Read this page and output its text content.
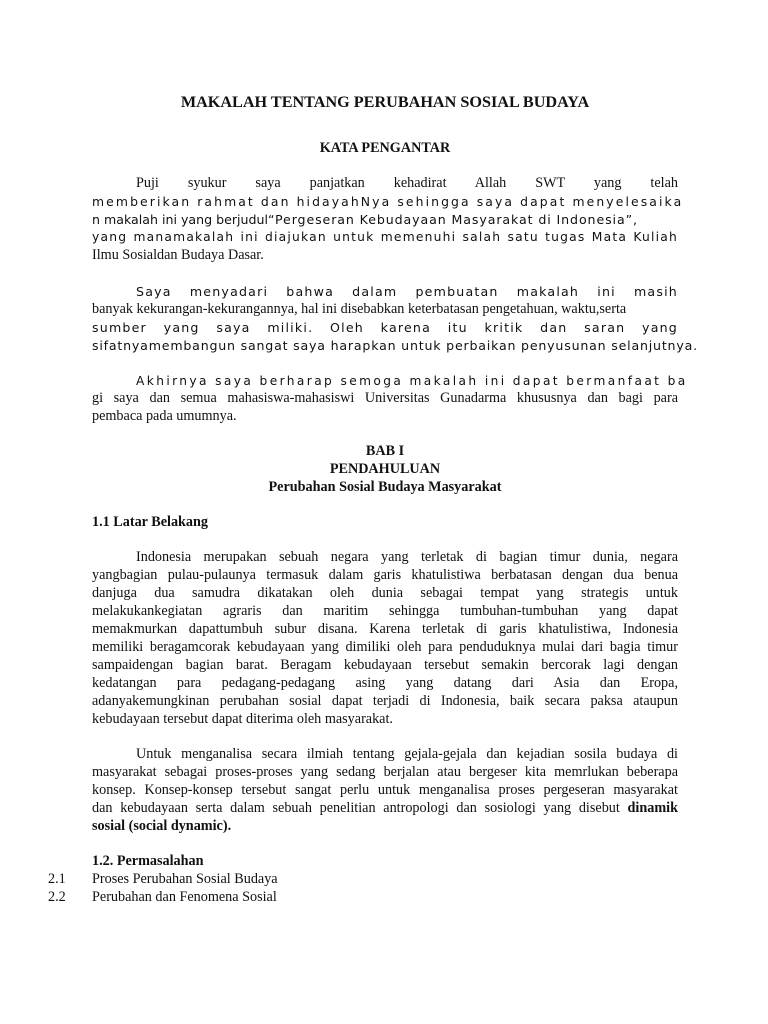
MAKALAH TENTANG PERUBAHAN SOSIAL BUDAYA
KATA PENGANTAR
Puji syukur saya panjatkan kehadirat Allah SWT yang telah
memberikan rahmat dan hidayahNya sehingga saya dapat menyelesaika
n makalah ini yang berjudul“Pergeseran Kebudayaan Masyarakat di Indonesia”,
yang manamakalah ini diajukan untuk memenuhi salah satu tugas Mata Kuliah
Ilmu Sosialdan Budaya Dasar.
Saya menyadari bahwa dalam pembuatan makalah ini masih
banyak kekurangan-kekurangannya, hal ini disebabkan keterbatasan pengetahuan, waktu,serta
sumber yang saya miliki. Oleh karena itu kritik dan saran yang
sifatnyamembangun sangat saya harapkan untuk perbaikan penyusunan selanjutnya.
Akhirnya saya berharap semoga makalah ini dapat bermanfaat ba
gi saya dan semua mahasiswa-mahasiswi Universitas Gunadarma khususnya dan bagi para
pembaca pada umumnya.
BAB I
PENDAHULUAN
Perubahan Sosial Budaya Masyarakat
1.1 Latar Belakang
Indonesia merupakan sebuah negara yang terletak di bagian timur dunia, negara
yangbagian pulau-pulaunya termasuk dalam garis khatulistiwa berbatasan dengan dua benua
danjuga dua samudra dikatakan oleh dunia sebagai tempat yang strategis untuk
melakukankegiatan agraris dan maritim sehingga tumbuhan-tumbuhan yang dapat
memakmurkan dapattumbuh subur disana. Karena terletak di garis khatulistiwa, Indonesia
memiliki beragamcorak kebudayaan yang dimiliki oleh para penduduknya mulai dari bagia timur
sampaidengan bagian barat. Beragam kebudayaan tersebut semakin bercorak lagi dengan
kedatangan para pedagang-pedagang asing yang datang dari Asia dan Eropa,
adanyakemungkinan perubahan sosial dapat terjadi di Indonesia, baik secara paksa ataupun
kebudayaan tersebut dapat diterima oleh masyarakat.
Untuk menganalisa secara ilmiah tentang gejala-gejala dan kejadian sosila budaya di
masyarakat sebagai proses-proses yang sedang berjalan atau bergeser kita memrlukan beberapa
konsep. Konsep-konsep tersebut sangat perlu untuk menganalisa proses pergeseran masyarakat
dan kebudayaan serta dalam sebuah penelitian antropologi dan sosiologi yang disebut dinamik
sosial (social dynamic).
1.2. Permasalahan
2.1 Proses Perubahan Sosial Budaya
2.2 Perubahan dan Fenomena Sosial
